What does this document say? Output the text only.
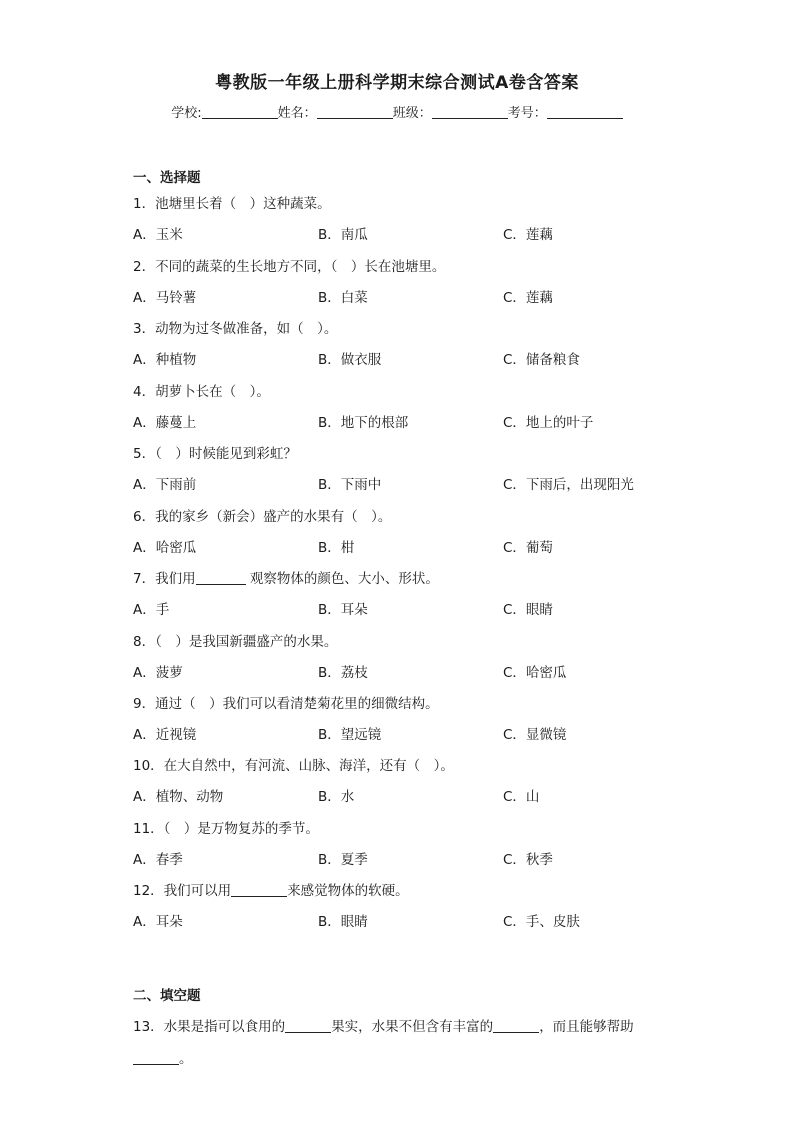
粤教版一年级上册科学期末综合测试A卷含答案
学校:	姓名：	班级：	考号：
一、选择题
1．池塘里长着（　）这种蔬菜。
A．玉米	B．南瓜	C．莲藕
2．不同的蔬菜的生长地方不同，（　）长在池塘里。
A．马铃薯	B．白菜	C．莲藕
3．动物为过冬做准备，如（　）。
A．种植物	B．做衣服	C．储备粮食
4．胡萝卜长在（　）。
A．藤蔓上	B．地下的根部	C．地上的叶子
5．（　）时候能见到彩虹？
A．下雨前	B．下雨中	C．下雨后，出现阳光
6．我的家乡（新会）盛产的水果有（　）。
A．哈密瓜	B．柑	C．葡萄
7．我们用	观察物体的颜色、大小、形状。
A．手	B．耳朵	C．眼睛
8．（　）是我国新疆盛产的水果。
A．菠萝	B．荔枝	C．哈密瓜
9．通过（　）我们可以看清楚菊花里的细微结构。
A．近视镜	B．望远镜	C．显微镜
10．在大自然中，有河流、山脉、海洋，还有（　）。
A．植物、动物	B．水	C．山
11．（　）是万物复苏的季节。
A．春季	B．夏季	C．秋季
12．我们可以用	来感觉物体的软硬。
A．耳朵	B．眼睛	C．手、皮肤
二、填空题
13．水果是指可以食用的	果实，水果不但含有丰富的	，而且能够帮助
。
